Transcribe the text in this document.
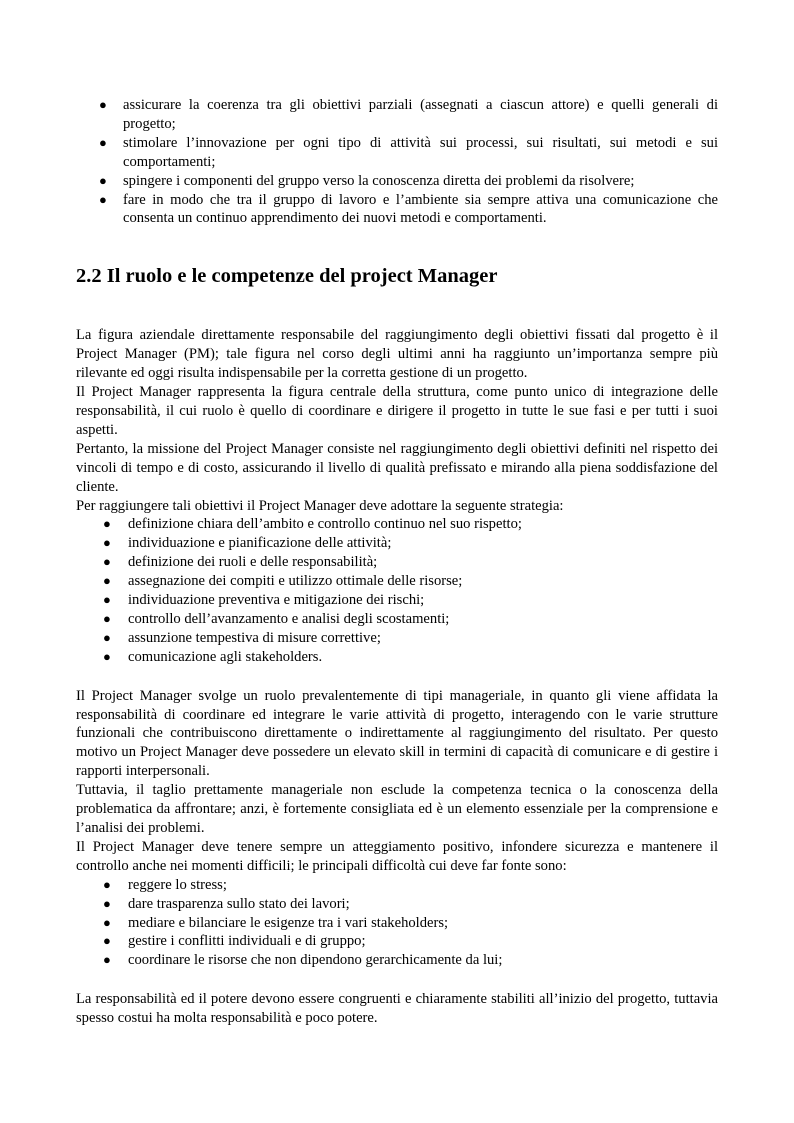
● assicurare la coerenza tra gli obiettivi parziali (assegnati a ciascun attore) e quelli generali di progetto;
● stimolare l’innovazione per ogni tipo di attività sui processi, sui risultati, sui metodi e sui comportamenti;
● spingere i componenti del gruppo verso la conoscenza diretta dei problemi da risolvere;
● fare in modo che tra il gruppo di lavoro e l’ambiente sia sempre attiva una comunicazione che consenta un continuo apprendimento dei nuovi metodi e comportamenti.
2.2 Il ruolo e le competenze del project Manager

La figura aziendale direttamente responsabile del raggiungimento degli obiettivi fissati dal progetto è il Project Manager (PM); tale figura nel corso degli ultimi anni ha raggiunto un’importanza sempre più rilevante ed oggi risulta indispensabile per la corretta gestione di un progetto.

Il Project Manager rappresenta la figura centrale della struttura, come punto unico di integrazione delle responsabilità, il cui ruolo è quello di coordinare e dirigere il progetto in tutte le sue fasi e per tutti i suoi aspetti.

Pertanto, la missione del Project Manager consiste nel raggiungimento degli obiettivi definiti nel rispetto dei vincoli di tempo e di costo, assicurando il livello di qualità prefissato e mirando alla piena soddisfazione del cliente.

Per raggiungere tali obiettivi il Project Manager deve adottare la seguente strategia:

● definizione chiara dell’ambito e controllo continuo nel suo rispetto;
● individuazione e pianificazione delle attività;
● definizione dei ruoli e delle responsabilità;
● assegnazione dei compiti e utilizzo ottimale delle risorse;
● individuazione preventiva e mitigazione dei rischi;
● controllo dell’avanzamento e analisi degli scostamenti;
● assunzione tempestiva di misure correttive;
● comunicazione agli stakeholders.

Il Project Manager svolge un ruolo prevalentemente di tipi manageriale, in quanto gli viene affidata la responsabilità di coordinare ed integrare le varie attività di progetto, interagendo con le varie strutture funzionali che contribuiscono direttamente o indirettamente al raggiungimento del risultato. Per questo motivo un Project Manager deve possedere un elevato skill in termini di capacità di comunicare e di gestire i rapporti interpersonali.

Tuttavia, il taglio prettamente manageriale non esclude la competenza tecnica o la conoscenza della problematica da affrontare; anzi, è fortemente consigliata ed è un elemento essenziale per la comprensione e l’analisi dei problemi.

Il Project Manager deve tenere sempre un atteggiamento positivo, infondere sicurezza e mantenere il controllo anche nei momenti difficili; le principali difficoltà cui deve far fonte sono:

● reggere lo stress;
● dare trasparenza sullo stato dei lavori;
● mediare e bilanciare le esigenze tra i vari stakeholders;
● gestire i conflitti individuali e di gruppo;
● coordinare le risorse che non dipendono gerarchicamente da lui;

La responsabilità ed il potere devono essere congruenti e chiaramente stabiliti all’inizio del progetto, tuttavia spesso costui ha molta responsabilità e poco potere.
